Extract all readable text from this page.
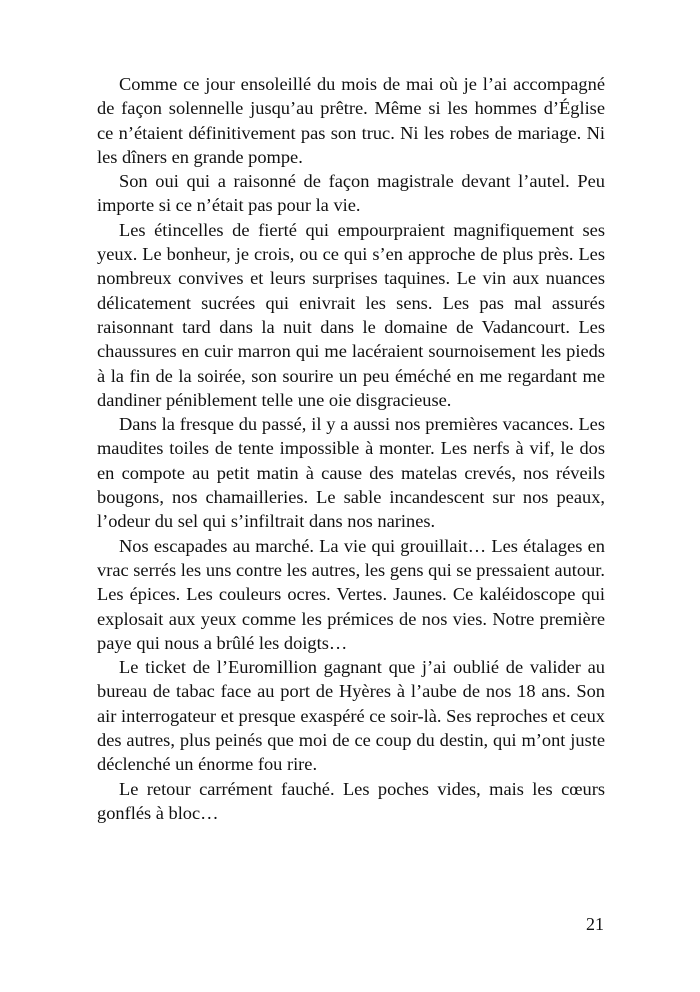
Comme ce jour ensoleillé du mois de mai où je l’ai accompagné de façon solennelle jusqu’au prêtre. Même si les hommes d’Église ce n’étaient définitivement pas son truc. Ni les robes de mariage. Ni les dîners en grande pompe.

Son oui qui a raisonné de façon magistrale devant l’autel. Peu importe si ce n’était pas pour la vie.

Les étincelles de fierté qui empourpraient magnifiquement ses yeux. Le bonheur, je crois, ou ce qui s’en approche de plus près. Les nombreux convives et leurs surprises taquines. Le vin aux nuances délicatement sucrées qui enivrait les sens. Les pas mal assurés raisonnant tard dans la nuit dans le domaine de Vadancourt. Les chaussures en cuir marron qui me lacéraient sournoisement les pieds à la fin de la soirée, son sourire un peu éméché en me regardant me dandiner péniblement telle une oie disgracieuse.

Dans la fresque du passé, il y a aussi nos premières vacances. Les maudites toiles de tente impossible à monter. Les nerfs à vif, le dos en compote au petit matin à cause des matelas crevés, nos réveils bougons, nos chamailleries. Le sable incandescent sur nos peaux, l’odeur du sel qui s’infiltrait dans nos narines.

Nos escapades au marché. La vie qui grouillait… Les étalages en vrac serrés les uns contre les autres, les gens qui se pressaient autour. Les épices. Les couleurs ocres. Vertes. Jaunes. Ce kaléidoscope qui explosait aux yeux comme les prémices de nos vies. Notre première paye qui nous a brûlé les doigts…

Le ticket de l’Euromillion gagnant que j’ai oublié de valider au bureau de tabac face au port de Hyères à l’aube de nos 18 ans. Son air interrogateur et presque exaspéré ce soir-là. Ses reproches et ceux des autres, plus peinés que moi de ce coup du destin, qui m’ont juste déclenché un énorme fou rire.

Le retour carrément fauché. Les poches vides, mais les cœurs gonflés à bloc…

21
